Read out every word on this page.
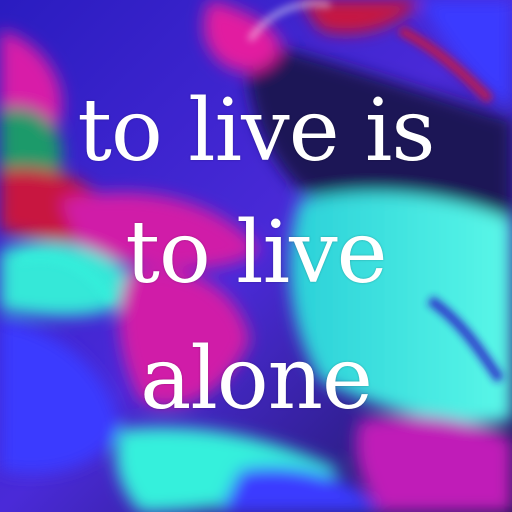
to live is
to live
alone
